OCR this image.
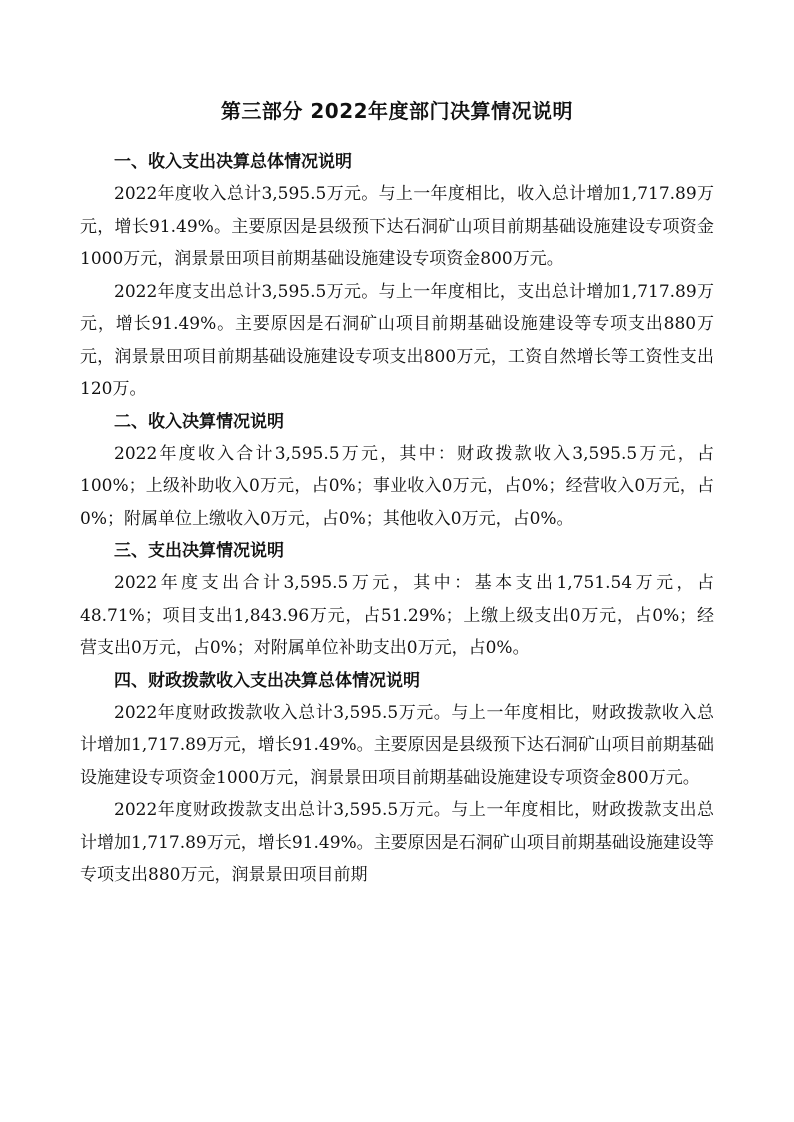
第三部分 2022年度部门决算情况说明
一、收入支出决算总体情况说明

2022年度收入总计3,595.5万元。与上一年度相比，收入总计增加1,717.89万元，增长91.49%。主要原因是县级预下达石洞矿山项目前期基础设施建设专项资金1000万元，润景景田项目前期基础设施建设专项资金800万元。

2022年度支出总计3,595.5万元。与上一年度相比，支出总计增加1,717.89万元，增长91.49%。主要原因是石洞矿山项目前期基础设施建设等专项支出880万元，润景景田项目前期基础设施建设专项支出800万元，工资自然增长等工资性支出120万。

二、收入决算情况说明

2022年度收入合计3,595.5万元，其中：财政拨款收入3,595.5万元，占100%；上级补助收入0万元，占0%；事业收入0万元，占0%；经营收入0万元，占0%；附属单位上缴收入0万元，占0%；其他收入0万元，占0%。

三、支出决算情况说明

2022年度支出合计3,595.5万元，其中：基本支出1,751.54万元，占48.71%；项目支出1,843.96万元，占51.29%；上缴上级支出0万元，占0%；经营支出0万元，占0%；对附属单位补助支出0万元，占0%。

四、财政拨款收入支出决算总体情况说明

2022年度财政拨款收入总计3,595.5万元。与上一年度相比，财政拨款收入总计增加1,717.89万元，增长91.49%。主要原因是县级预下达石洞矿山项目前期基础设施建设专项资金1000万元，润景景田项目前期基础设施建设专项资金800万元。

2022年度财政拨款支出总计3,595.5万元。与上一年度相比，财政拨款支出总计增加1,717.89万元，增长91.49%。主要原因是石洞矿山项目前期基础设施建设等专项支出880万元，润景景田项目前期
